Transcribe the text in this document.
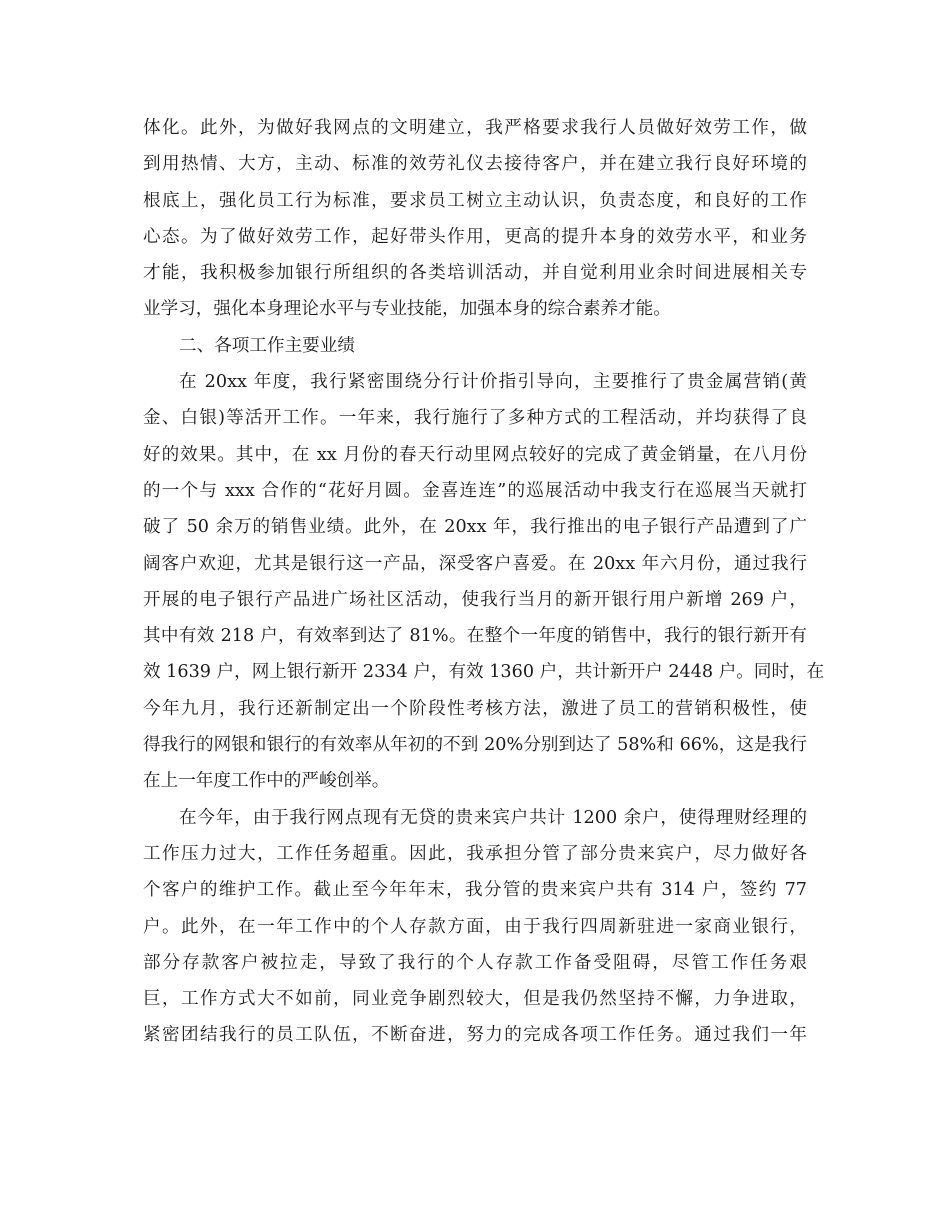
体化。此外，为做好我网点的文明建立，我严格要求我行人员做好效劳工作，做
到用热情、大方，主动、标准的效劳礼仪去接待客户，并在建立我行良好环境的
根底上，强化员工行为标准，要求员工树立主动认识，负责态度，和良好的工作
心态。为了做好效劳工作，起好带头作用，更高的提升本身的效劳水平，和业务
才能，我积极参加银行所组织的各类培训活动，并自觉利用业余时间进展相关专
业学习，强化本身理论水平与专业技能，加强本身的综合素养才能。
二、各项工作主要业绩
在 20xx 年度，我行紧密围绕分行计价指引导向，主要推行了贵金属营销(黄
金、白银)等活开工作。一年来，我行施行了多种方式的工程活动，并均获得了良
好的效果。其中，在 xx 月份的春天行动里网点较好的完成了黄金销量，在八月份
的一个与 xxx 合作的“花好月圆。金喜连连”的巡展活动中我支行在巡展当天就打
破了 50 余万的销售业绩。此外，在 20xx 年，我行推出的电子银行产品遭到了广
阔客户欢迎，尤其是银行这一产品，深受客户喜爱。在 20xx 年六月份，通过我行
开展的电子银行产品进广场社区活动，使我行当月的新开银行用户新增 269 户，
其中有效 218 户，有效率到达了 81%。在整个一年度的销售中，我行的银行新开有
效 1639 户，网上银行新开 2334 户，有效 1360 户，共计新开户 2448 户。同时，在
今年九月，我行还新制定出一个阶段性考核方法，激进了员工的营销积极性，使
得我行的网银和银行的有效率从年初的不到 20%分别到达了 58%和 66%，这是我行
在上一年度工作中的严峻创举。
在今年，由于我行网点现有无贷的贵来宾户共计 1200 余户，使得理财经理的
工作压力过大，工作任务超重。因此，我承担分管了部分贵来宾户，尽力做好各
个客户的维护工作。截止至今年年末，我分管的贵来宾户共有 314 户，签约 77
户。此外，在一年工作中的个人存款方面，由于我行四周新驻进一家商业银行，
部分存款客户被拉走，导致了我行的个人存款工作备受阻碍，尽管工作任务艰
巨，工作方式大不如前，同业竞争剧烈较大，但是我仍然坚持不懈，力争进取，
紧密团结我行的员工队伍，不断奋进，努力的完成各项工作任务。通过我们一年
